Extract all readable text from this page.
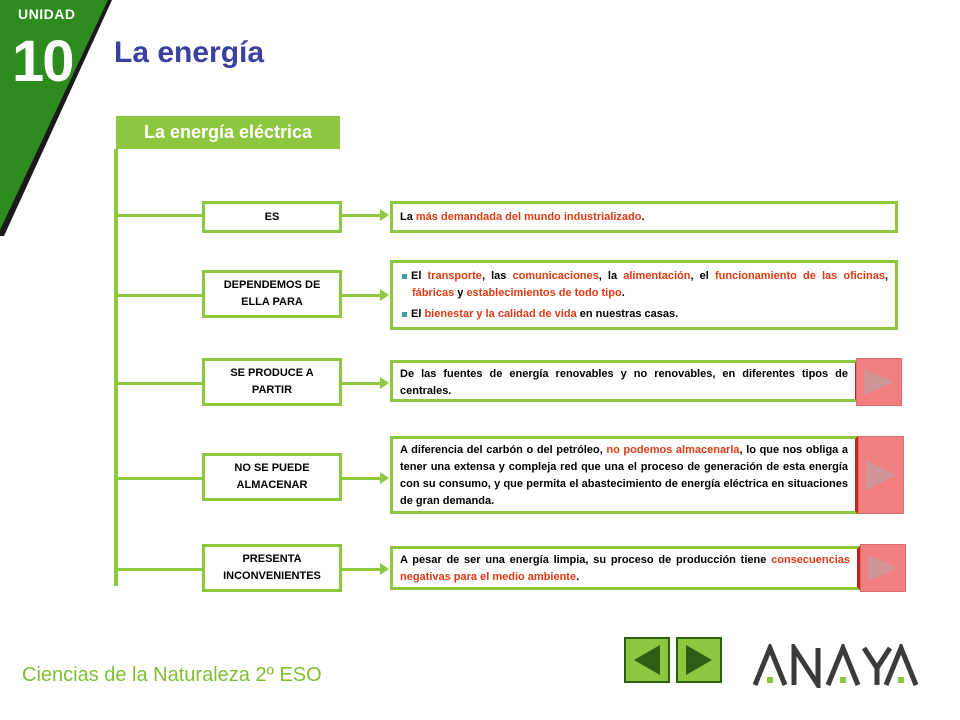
UNIDAD
10 La energía
La energía eléctrica
ES	La más demandada del mundo industrializado.
DEPENDEMOS DE ELLA PARA

El transporte, las comunicaciones, la alimentación, el funcionamiento de las oficinas, fábricas y establecimientos de todo tipo.

El bienestar y la calidad de vida en nuestras casas.

SE PRODUCE A PARTIR
De las fuentes de energía renovables y no renovables, en diferentes tipos de centrales.
NO SE PUEDE ALMACENAR
A diferencia del carbón o del petróleo, no podemos almacenarla, lo que nos obliga a tener una extensa y compleja red que una el proceso de generación de esta energía con su consumo, y que permita el abastecimiento de energía eléctrica en situaciones de gran demanda.
PRESENTA INCONVENIENTES
A pesar de ser una energía limpia, su proceso de producción tiene consecuencias negativas para el medio ambiente.
Ciencias de la Naturaleza 2º ESO
